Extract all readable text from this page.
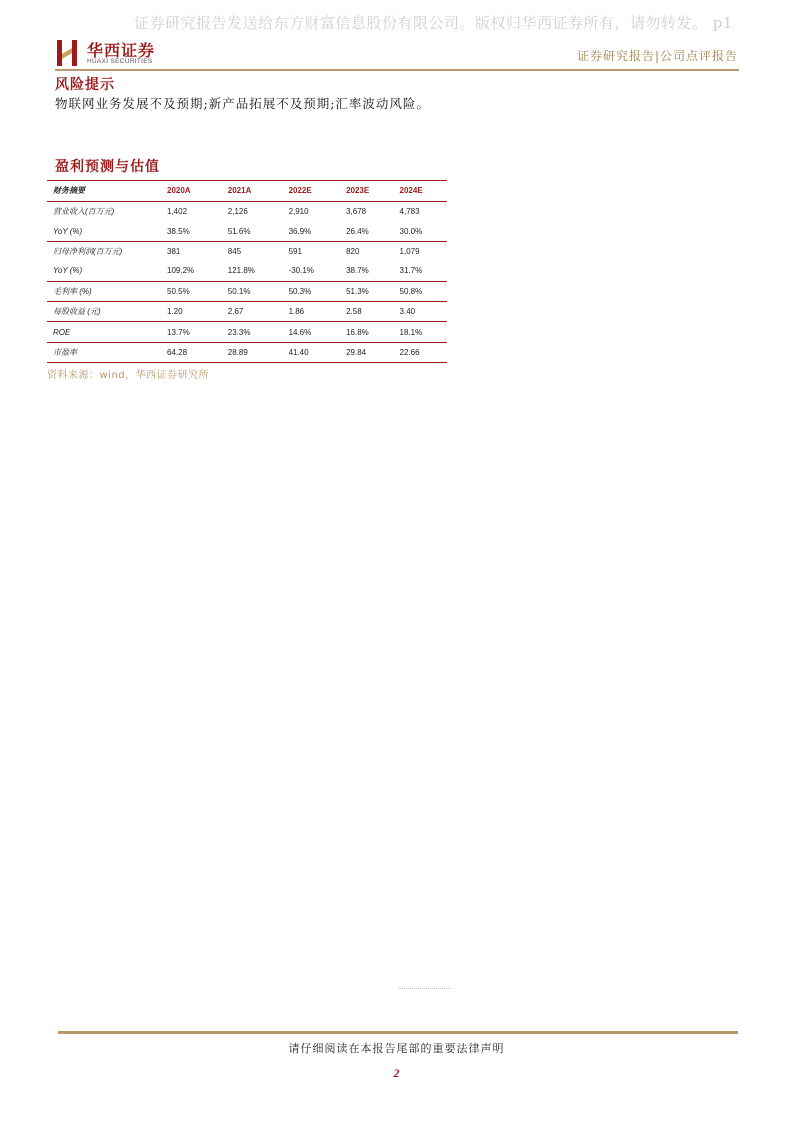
证券研究报告发送给东方财富信息股份有限公司。版权归华西证券所有，请勿转发。 p1
华西证券
HUAXI SECURITIES	证券研究报告|公司点评报告
风险提示
物联网业务发展不及预期;新产品拓展不及预期;汇率波动风险。
盈利预测与估值
财务摘要	2020A	2021A	2022E	2023E	2024E
营业收入(百万元)	1,402	2,126	2,910	3,678	4,783
YoY (%)	38.5%	51.6%	36.9%	26.4%	30.0%
归母净利润(百万元)	381	845	591	820	1,079
YoY (%)	109.2%	121.8%	-30.1%	38.7%	31.7%
毛利率 (%)	50.5%	50.1%	50.3%	51.3%	50.8%
每股收益 (元)	1.20	2.67	1.86	2.58	3.40
ROE	13.7%	23.3%	14.6%	16.8%	18.1%
市盈率	64.28	28.89	41.40	29.84	22.66
资料来源：wind，华西证券研究所
请仔细阅读在本报告尾部的重要法律声明
2
